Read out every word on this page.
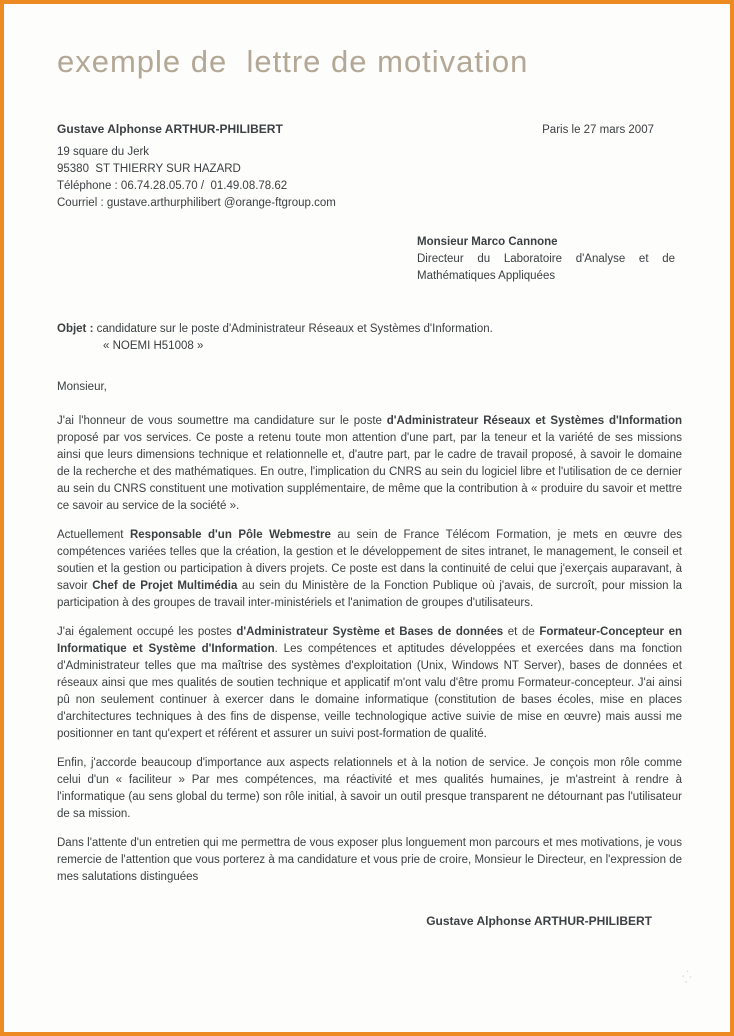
exemple de  lettre de motivation
Gustave Alphonse ARTHUR-PHILIBERT	Paris le 27 mars 2007
19 square du Jerk
95380  ST THIERRY SUR HAZARD
Téléphone : 06.74.28.05.70 /  01.49.08.78.62
Courriel : gustave.arthurphilibert @orange-ftgroup.com
Monsieur Marco Cannone
Directeur du Laboratoire d'Analyse et de Mathématiques Appliquées
Objet : candidature sur le poste d'Administrateur Réseaux et Systèmes d'Information.
« NOEMI H51008 »
Monsieur,

J'ai l'honneur de vous soumettre ma candidature sur le poste d'Administrateur Réseaux et Systèmes d'Information proposé par vos services. Ce poste a retenu toute mon attention d'une part, par la teneur et la variété de ses missions ainsi que leurs dimensions technique et relationnelle et, d'autre part, par le cadre de travail proposé, à savoir le domaine de la recherche et des mathématiques. En outre, l'implication du CNRS au sein du logiciel libre et l'utilisation de ce dernier au sein du CNRS constituent une motivation supplémentaire, de même que la contribution à « produire du savoir et mettre ce savoir au service de la société ».

Actuellement Responsable d'un Pôle Webmestre au sein de France Télécom Formation, je mets en œuvre des compétences variées telles que la création, la gestion et le développement de sites intranet, le management, le conseil et soutien et la gestion ou participation à divers projets. Ce poste est dans la continuité de celui que j'exerçais auparavant, à savoir Chef de Projet Multimédia au sein du Ministère de la Fonction Publique où j'avais, de surcroît, pour mission la participation à des groupes de travail inter-ministériels et l'animation de groupes d'utilisateurs.

J'ai également occupé les postes d'Administrateur Système et Bases de données et de Formateur-Concepteur en Informatique et Système d'Information. Les compétences et aptitudes développées et exercées dans ma fonction d'Administrateur telles que ma maîtrise des systèmes d'exploitation (Unix, Windows NT Server), bases de données et réseaux ainsi que mes qualités de soutien technique et applicatif m'ont valu d'être promu Formateur-concepteur. J'ai ainsi pû non seulement continuer à exercer dans le domaine informatique (constitution de bases écoles, mise en places d'architectures techniques à des fins de dispense, veille technologique active suivie de mise en œuvre) mais aussi me positionner en tant qu'expert et référent et assurer un suivi post-formation de qualité.

Enfin, j'accorde beaucoup d'importance aux aspects relationnels et à la notion de service. Je conçois mon rôle comme celui d'un « faciliteur » Par mes compétences, ma réactivité et mes qualités humaines, je m'astreint à rendre à l'informatique (au sens global du terme) son rôle initial, à savoir un outil presque transparent ne détournant pas l'utilisateur de sa mission.

Dans l'attente d'un entretien qui me permettra de vous exposer plus longuement mon parcours et mes motivations, je vous remercie de l'attention que vous porterez à ma candidature et vous prie de croire, Monsieur le Directeur, en l'expression de mes salutations distinguées

Gustave Alphonse ARTHUR-PHILIBERT
⁛
